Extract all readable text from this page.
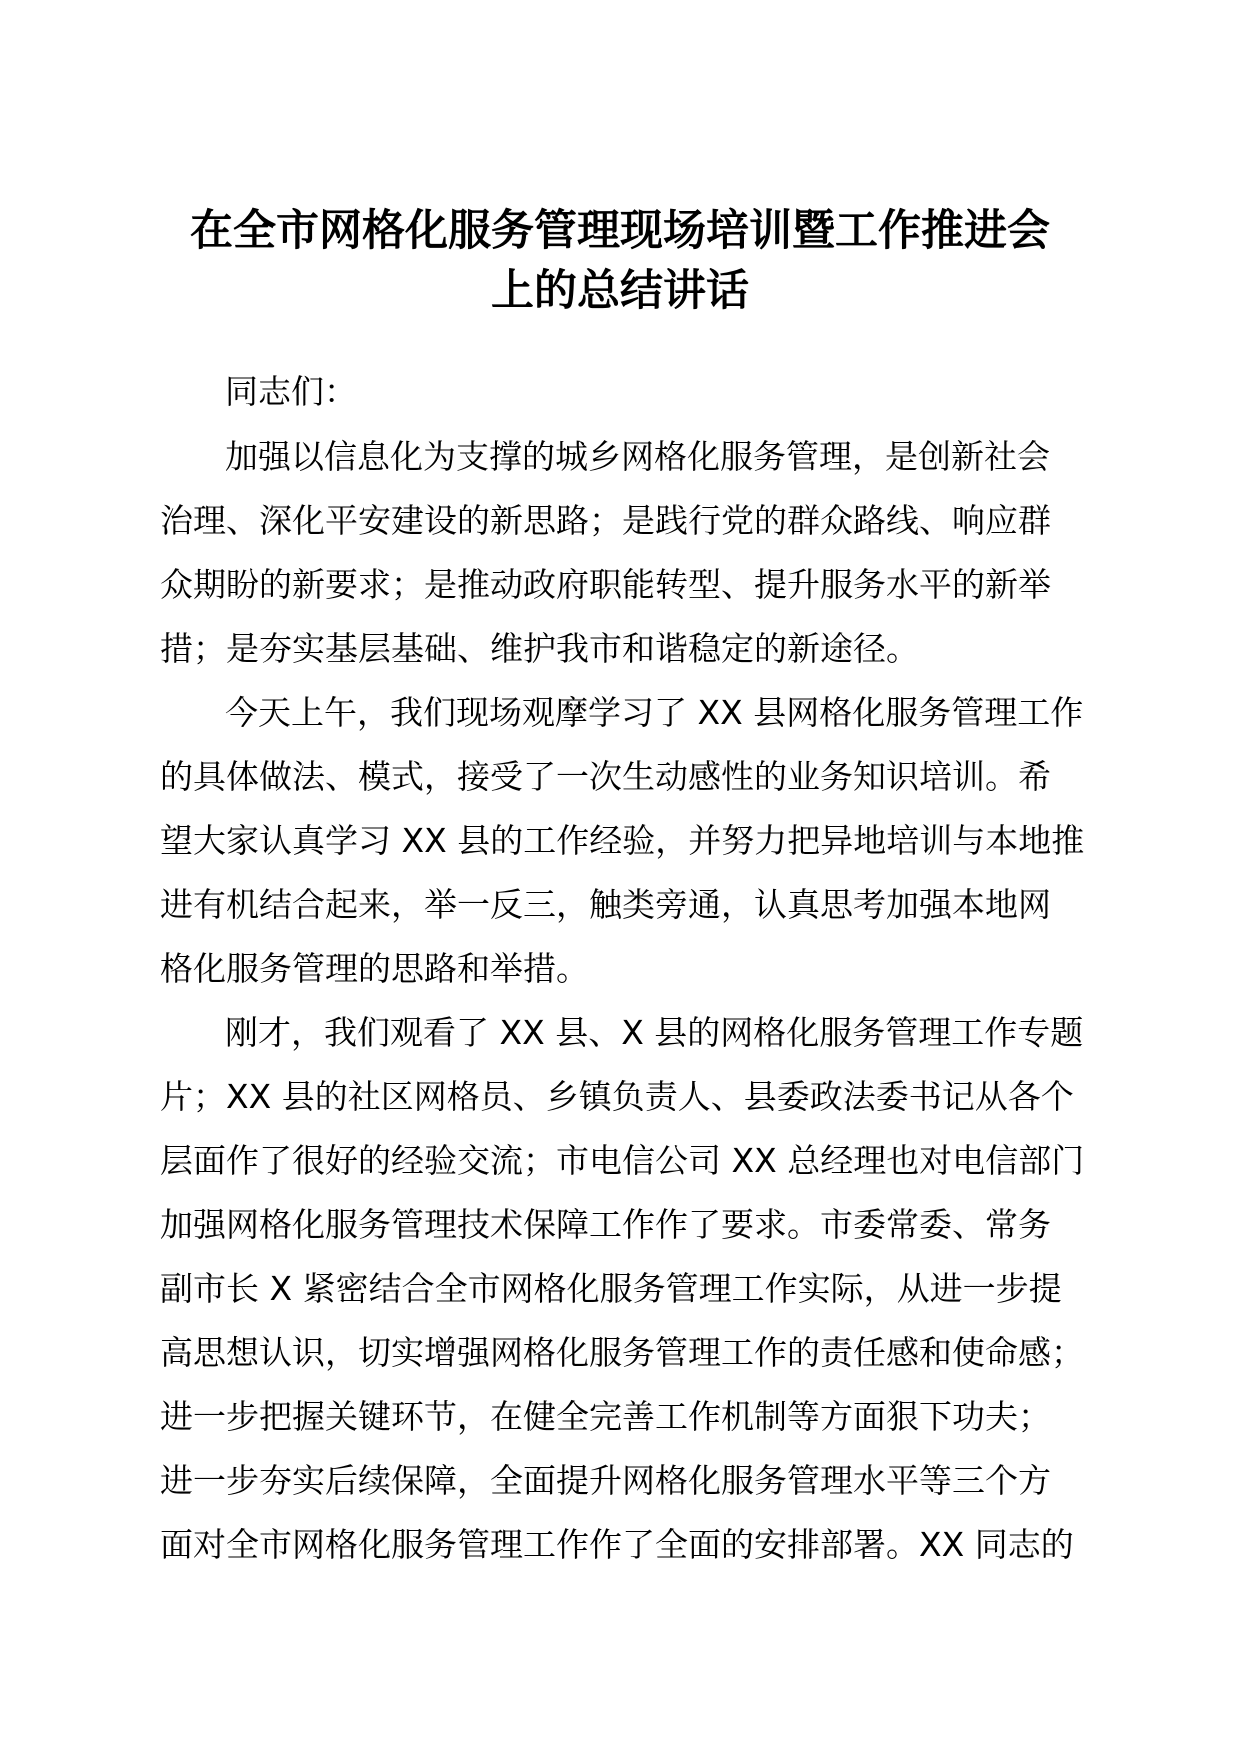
在全市网格化服务管理现场培训暨工作推进会
上的总结讲话

同志们：

加强以信息化为支撑的城乡网格化服务管理，是创新社会

治理、深化平安建设的新思路；是践行党的群众路线、响应群

众期盼的新要求；是推动政府职能转型、提升服务水平的新举

措；是夯实基层基础、维护我市和谐稳定的新途径。

今天上午，我们现场观摩学习了 XX 县网格化服务管理工作

的具体做法、模式，接受了一次生动感性的业务知识培训。希

望大家认真学习 XX 县的工作经验，并努力把异地培训与本地推

进有机结合起来，举一反三，触类旁通，认真思考加强本地网

格化服务管理的思路和举措。

刚才，我们观看了 XX 县、X 县的网格化服务管理工作专题

片；XX 县的社区网格员、乡镇负责人、县委政法委书记从各个

层面作了很好的经验交流；市电信公司 XX 总经理也对电信部门

加强网格化服务管理技术保障工作作了要求。市委常委、常务

副市长 X 紧密结合全市网格化服务管理工作实际，从进一步提

高思想认识，切实增强网格化服务管理工作的责任感和使命感；

进一步把握关键环节，在健全完善工作机制等方面狠下功夫；

进一步夯实后续保障，全面提升网格化服务管理水平等三个方

面对全市网格化服务管理工作作了全面的安排部署。XX 同志的
